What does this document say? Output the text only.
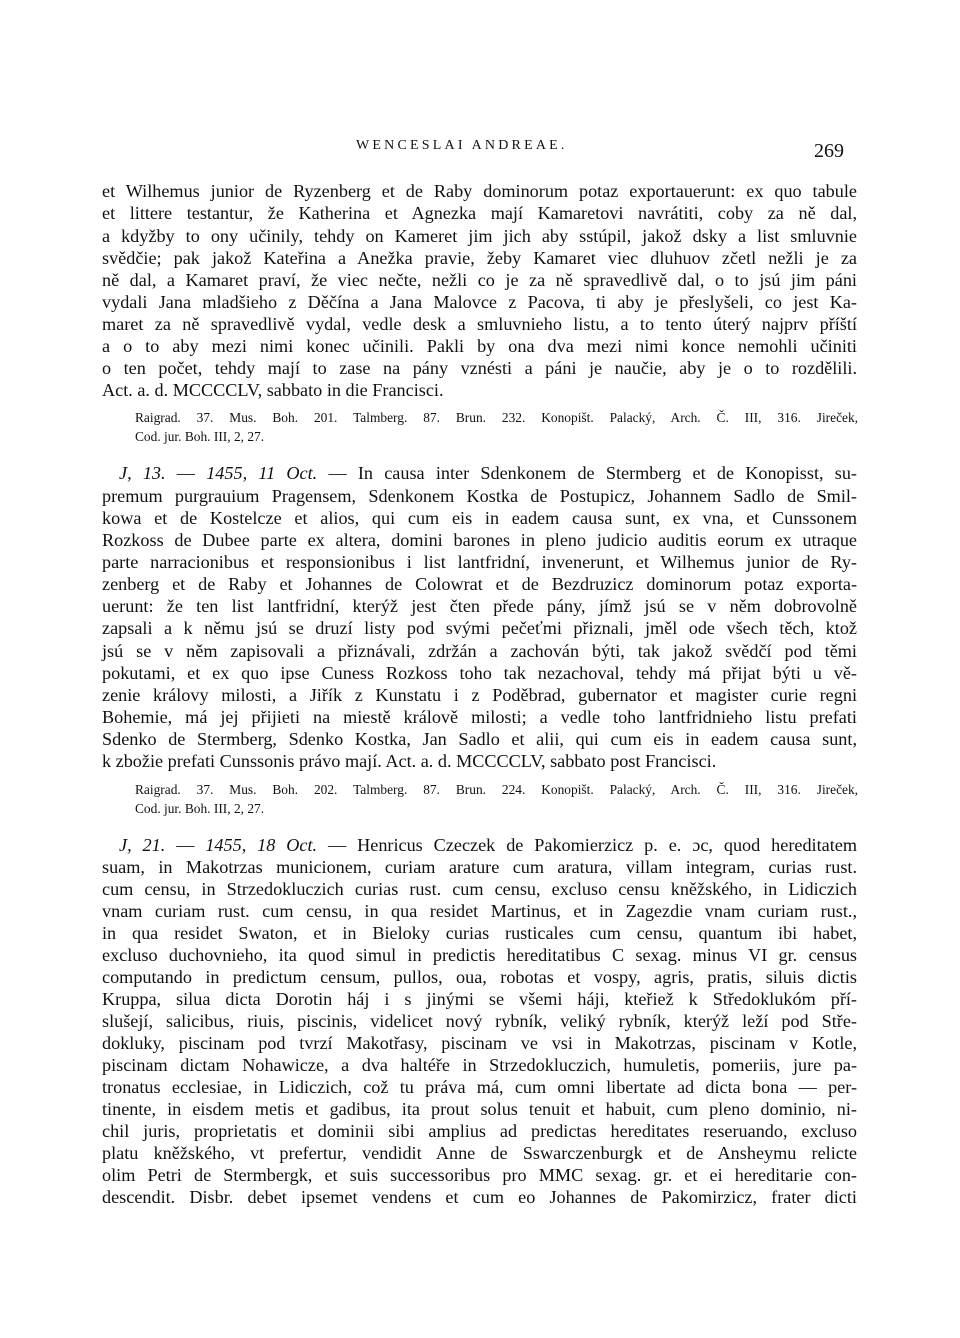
WENCESLAI ANDREAE.	269
et Wilhemus junior de Ryzenberg et de Raby dominorum potaz exportauerunt: ex quo tabule
et littere testantur, že Katherina et Agnezka mají Kamaretovi navrátiti, coby za ně dal,
a kdyžby to ony učinily, tehdy on Kameret jim jich aby sstúpil, jakož dsky a list smluvnie
svědčie; pak jakož Kateřina a Anežka pravie, žeby Kamaret viec dluhuov zčetl nežli je za
ně dal, a Kamaret praví, že viec nečte, nežli co je za ně spravedlivě dal, o to jsú jim páni
vydali Jana mladšieho z Děčína a Jana Malovce z Pacova, ti aby je přeslyšeli, co jest Ka-
maret za ně spravedlivě vydal, vedle desk a smluvnieho listu, a to tento úterý najprv příští
a o to aby mezi nimi konec učinili. Pakli by ona dva mezi nimi konce nemohli učiniti
o ten počet, tehdy mají to zase na pány vznésti a páni je naučie, aby je o to rozdělili.
Act. a. d. MCCCCLV, sabbato in die Francisci.
Raigrad. 37. Mus. Boh. 201. Talmberg. 87. Brun. 232. Konopišt. Palacký, Arch. Č. III, 316. Jireček,
Cod. jur. Boh. III, 2, 27.
J, 13. — 1455, 11 Oct. — In causa inter Sdenkonem de Stermberg et de Konopisst, su-
premum purgrauium Pragensem, Sdenkonem Kostka de Postupicz, Johannem Sadlo de Smil-
kowa et de Kostelcze et alios, qui cum eis in eadem causa sunt, ex vna, et Cunssonem
Rozkoss de Dubee parte ex altera, domini barones in pleno judicio auditis eorum ex utraque
parte narracionibus et responsionibus i list lantfridní, invenerunt, et Wilhemus junior de Ry-
zenberg et de Raby et Johannes de Colowrat et de Bezdruzicz dominorum potaz exporta-
uerunt: že ten list lantfridní, kterýž jest čten přede pány, jímž jsú se v něm dobrovolně
zapsali a k němu jsú se druzí listy pod svými pečeťmi přiznali, jměl ode všech těch, ktož
jsú se v něm zapisovali a přiznávali, zdržán a zachován býti, tak jakož svědčí pod těmi
pokutami, et ex quo ipse Cuness Rozkoss toho tak nezachoval, tehdy má přijat býti u vě-
zenie královy milosti, a Jiřík z Kunstatu i z Poděbrad, gubernator et magister curie regni
Bohemie, má jej přijieti na miestě králově milosti; a vedle toho lantfridnieho listu prefati
Sdenko de Stermberg, Sdenko Kostka, Jan Sadlo et alii, qui cum eis in eadem causa sunt,
k zbožie prefati Cunssonis právo mají. Act. a. d. MCCCCLV, sabbato post Francisci.
Raigrad. 37. Mus. Boh. 202. Talmberg. 87. Brun. 224. Konopišt. Palacký, Arch. Č. III, 316. Jireček,
Cod. jur. Boh. III, 2, 27.
J, 21. — 1455, 18 Oct. — Henricus Czeczek de Pakomierzicz p. e. ɔc, quod hereditatem
suam, in Makotrzas municionem, curiam arature cum aratura, villam integram, curias rust.
cum censu, in Strzedokluczich curias rust. cum censu, excluso censu kněžského, in Lidiczich
vnam curiam rust. cum censu, in qua residet Martinus, et in Zagezdie vnam curiam rust.,
in qua residet Swaton, et in Bieloky curias rusticales cum censu, quantum ibi habet,
excluso duchovnieho, ita quod simul in predictis hereditatibus C sexag. minus VI gr. census
computando in predictum censum, pullos, oua, robotas et vospy, agris, pratis, siluis dictis
Kruppa, silua dicta Dorotin háj i s jinými se všemi háji, kteřiež k Středoklukóm pří-
slušejí, salicibus, riuis, piscinis, videlicet nový rybník, veliký rybník, kterýž leží pod Stře-
dokluky, piscinam pod tvrzí Makotřasy, piscinam ve vsi in Makotrzas, piscinam v Kotle,
piscinam dictam Nohawicze, a dva haltéře in Strzedokluczich, humuletis, pomeriis, jure pa-
tronatus ecclesiae, in Lidiczich, což tu práva má, cum omni libertate ad dicta bona — per-
tinente, in eisdem metis et gadibus, ita prout solus tenuit et habuit, cum pleno dominio, ni-
chil juris, proprietatis et dominii sibi amplius ad predictas hereditates reseruando, excluso
platu kněžského, vt prefertur, vendidit Anne de Sswarczenburgk et de Ansheymu relicte
olim Petri de Stermbergk, et suis successoribus pro MMC sexag. gr. et ei hereditarie con-
descendit. Disbr. debet ipsemet vendens et cum eo Johannes de Pakomirzicz, frater dicti
